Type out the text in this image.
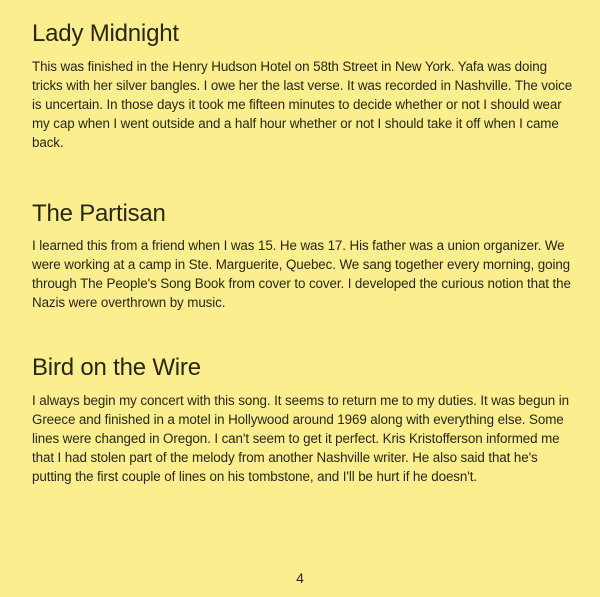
Lady Midnight

This was finished in the Henry Hudson Hotel on 58th Street in New York. Yafa was doing tricks with her silver bangles. I owe her the last verse. It was recorded in Nashville. The voice is uncertain. In those days it took me fifteen minutes to decide whether or not I should wear my cap when I went outside and a half hour whether or not I should take it off when I came back.

The Partisan

I learned this from a friend when I was 15. He was 17. His father was a union organizer. We were working at a camp in Ste. Marguerite, Quebec. We sang together every morning, going through The People's Song Book from cover to cover. I developed the curious notion that the Nazis were overthrown by music.

Bird on the Wire

I always begin my concert with this song. It seems to return me to my duties. It was begun in Greece and finished in a motel in Hollywood around 1969 along with everything else. Some lines were changed in Oregon. I can't seem to get it perfect. Kris Kristofferson informed me that I had stolen part of the melody from another Nashville writer. He also said that he's putting the first couple of lines on his tombstone, and I'll be hurt if he doesn't.

4
